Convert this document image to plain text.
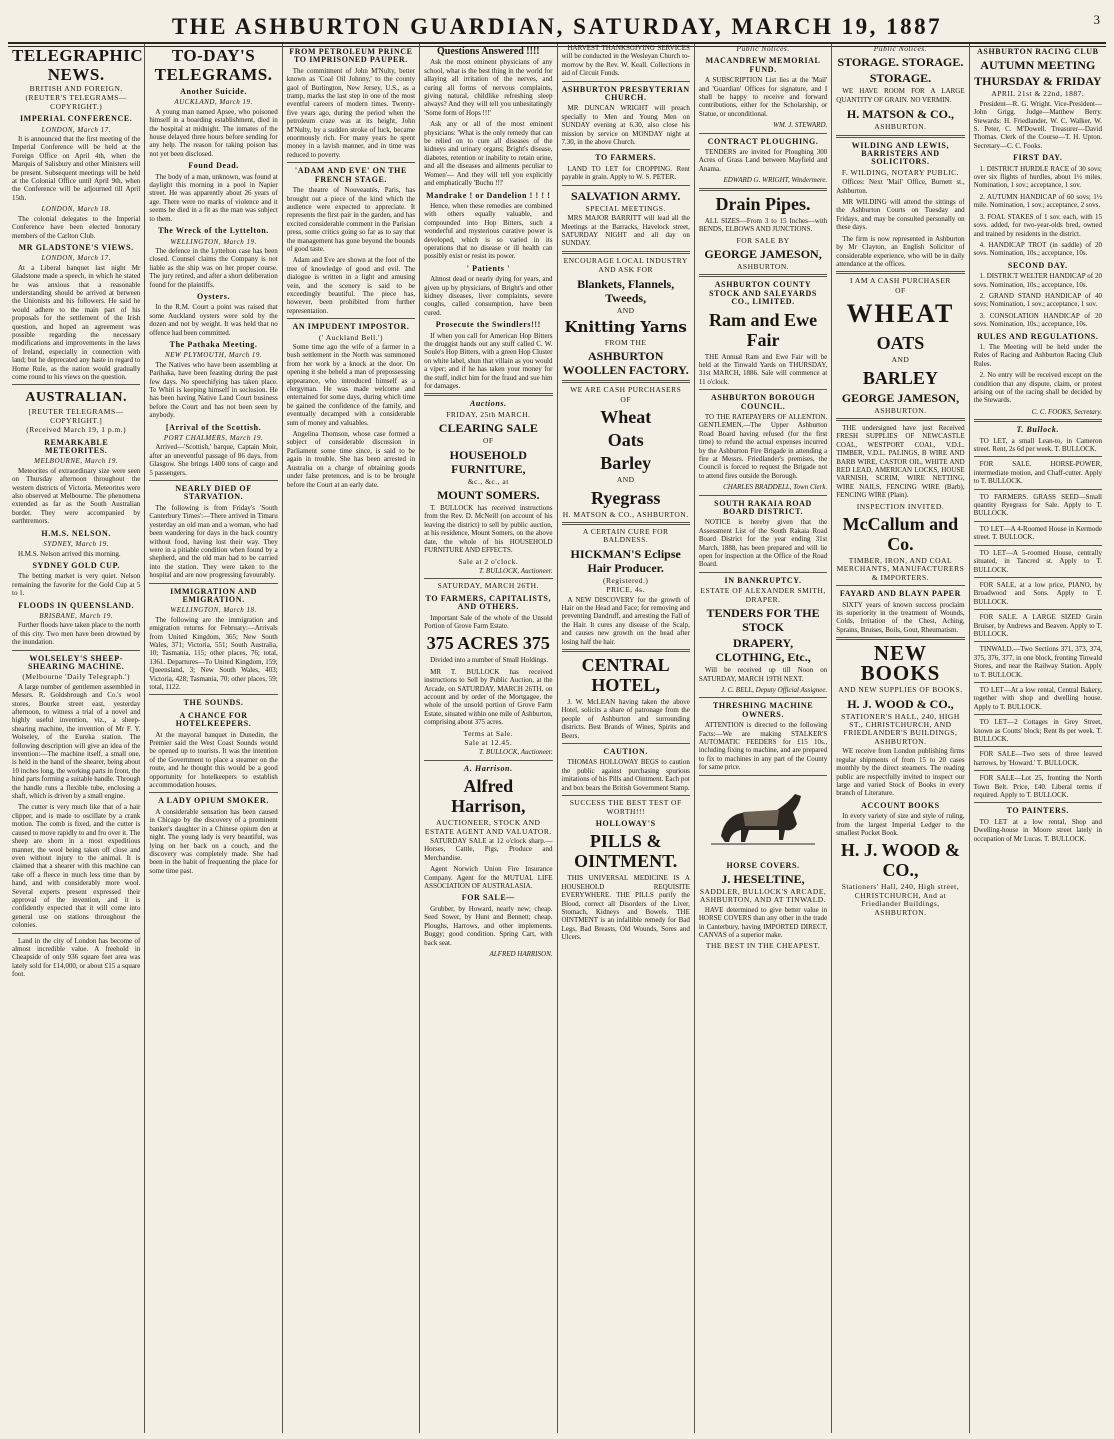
THE ASHBURTON GUARDIAN, SATURDAY, MARCH 19, 1887	3
TELEGRAPHIC NEWS.
BRITISH AND FOREIGN.
(REUTER'S TELEGRAMS—COPYRIGHT.)
IMPERIAL CONFERENCE.
LONDON, March 17.

It is announced that the first meeting of the Imperial Conference will be held at the Foreign Office on April 4th, when the Marquis of Salisbury and other Ministers will be present. Subsequent meetings will be held at the Colonial Office until April 9th, when the Conference will be adjourned till April 15th.

LONDON, March 18.

The colonial delegates to the Imperial Conference have been elected honorary members of the Carlton Club.

MR GLADSTONE'S VIEWS.
LONDON, March 17.

At a Liberal banquet last night Mr Gladstone made a speech, in which he stated he was anxious that a reasonable understanding should be arrived at between the Unionists and his followers. He said he would adhere to the main part of his proposals for the settlement of the Irish question, and hoped an agreement was possible regarding the necessary modifications and improvements in the laws of Ireland, especially in connection with land; but he deprecated any haste in regard to Home Rule, as the nation would gradually come round to his views on the question.

AUSTRALIAN.
[REUTER TELEGRAMS—COPYRIGHT.]
(Received March 19, 1 p.m.)
REMARKABLE METEORITES.
MELBOURNE, March 19.

Meteorites of extraordinary size were seen on Thursday afternoon throughout the western districts of Victoria. Meteorites were also observed at Melbourne. The phenomena extended as far as the South Australian border. They were accompanied by earthtremors.

H.M.S. NELSON.
SYDNEY, March 19.

H.M.S. Nelson arrived this morning.

SYDNEY GOLD CUP.

The betting market is very quiet. Nelson remaining the favorite for the Gold Cup at 5 to 1.

FLOODS IN QUEENSLAND.
BRISBANE, March 19.

Further floods have taken place to the north of this city. Two men have been drowned by the inundation.

WOLSELEY'S SHEEP-SHEARING MACHINE.
(Melbourne 'Daily Telegraph.')

A large number of gentlemen assembled in Messrs. R. Goldsbrough and Co.'s wool stores, Bourke street east, yesterday afternoon, to witness a trial of a novel and highly useful invention, viz., a sheep-shearing machine, the invention of Mr F. Y. Wolseley, of the Eureka station. The following description will give an idea of the invention:—The machine itself, a small one, is held in the hand of the shearer, being about 10 inches long, the working parts in front, the hind parts forming a suitable handle. Through the handle runs a flexible tube, enclosing a shaft, which is driven by a small engine.

The cutter is very much like that of a hair clipper, and is made to oscillate by a crank motion. The comb is fixed, and the cutter is caused to move rapidly to and fro over it. The sheep are shorn in a most expeditious manner, the wool being taken off close and even without injury to the animal. It is claimed that a shearer with this machine can take off a fleece in much less time than by hand, and with considerably more wool. Several experts present expressed their approval of the invention, and it is confidently expected that it will come into general use on stations throughout the colonies.

Land in the city of London has become of almost incredible value. A freehold in Cheapside of only 936 square feet area was lately sold for £14,000, or about £15 a square foot.

TO-DAY'S TELEGRAMS.
Another Suicide.
AUCKLAND, March 19.

A young man named Apsee, who poisoned himself in a boarding establishment, died in the hospital at midnight. The inmates of the house delayed three hours before sending for any help. The reason for taking poison has not yet been disclosed.

Found Dead.

The body of a man, unknown, was found at daylight this morning in a pool in Napier street. He was apparently about 26 years of age. There were no marks of violence and it seems he died in a fit as the man was subject to them.

The Wreck of the Lyttelton.
WELLINGTON, March 19.

The defence in the Lyttelton case has been closed. Counsel claims the Company is not liable as the ship was on her proper course. The jury retired, and after a short deliberation found for the plaintiffs.

Oysters.

In the R.M. Court a point was raised that some Auckland oysters were sold by the dozen and not by weight. It was held that no offence had been committed.

The Pathaka Meeting.
NEW PLYMOUTH, March 19.

The Natives who have been assembling at Parihaka, have been feasting during the past few days. No speechifying has taken place. Te Whiti is keeping himself in seclusion. He has been having Native Land Court business before the Court and has not been seen by anybody.

[Arrival of the Scottish.
PORT CHALMERS, March 19.

Arrived—'Scottish,' barque, Captain Moir, after an uneventful passage of 86 days, from Glasgow. She brings 1400 tons of cargo and 5 passengers.

NEARLY DIED OF STARVATION.

The following is from Friday's 'South Canterbury Times':—There arrived in Timaru yesterday an old man and a woman, who had been wandering for days in the back country without food, having lost their way. They were in a pitiable condition when found by a shepherd, and the old man had to be carried into the station. They were taken to the hospital and are now progressing favourably.

IMMIGRATION AND EMIGRATION.
WELLINGTON, March 18.

The following are the immigration and emigration returns for February:—Arrivals from United Kingdom, 365; New South Wales, 371; Victoria, 551; South Australia, 10; Tasmania, 115; other places, 76; total, 1361. Departures—To United Kingdom, 159; Queensland, 3; New South Wales, 403; Victoria, 428; Tasmania, 70; other places, 59; total, 1122.

THE SOUNDS.
A CHANCE FOR HOTELKEEPERS.

At the mayoral banquet in Dunedin, the Premier said the West Coast Sounds would be opened up to tourists. It was the intention of the Government to place a steamer on the route, and he thought this would be a good opportunity for hotelkeepers to establish accommodation houses.

A LADY OPIUM SMOKER.

A considerable sensation has been caused in Chicago by the discovery of a prominent banker's daughter in a Chinese opium den at night. The young lady is very beautiful, was lying on her back on a couch, and the discovery was completely made. She had been in the habit of frequenting the place for some time past.

FROM PETROLEUM PRINCE TO IMPRISONED PAUPER.

The commitment of John M'Nulty, better known as 'Coal Oil Johnny,' to the county gaol of Burlington, New Jersey, U.S., as a tramp, marks the last step in one of the most eventful careers of modern times. Twenty-five years ago, during the period when the petroleum craze was at its height, John M'Nulty, by a sudden stroke of luck, became enormously rich. For many years he spent money in a lavish manner, and in time was reduced to poverty.

'ADAM AND EVE' ON THE FRENCH STAGE.

The theatre of Nouveautés, Paris, has brought out a piece of the kind which the audience were expected to appreciate. It represents the first pair in the garden, and has excited considerable comment in the Parisian press, some critics going so far as to say that the management has gone beyond the bounds of good taste.

Adam and Eve are shown at the foot of the tree of knowledge of good and evil. The dialogue is written in a light and amusing vein, and the scenery is said to be exceedingly beautiful. The piece has, however, been prohibited from further representation.

AN IMPUDENT IMPOSTOR.
(' Auckland Bell.')

Some time ago the wife of a farmer in a bush settlement in the North was summoned from her work by a knock at the door. On opening it she beheld a man of prepossessing appearance, who introduced himself as a clergyman. He was made welcome and entertained for some days, during which time he gained the confidence of the family, and eventually decamped with a considerable sum of money and valuables.

Angelina Thomson, whose case formed a subject of considerable discussion in Parliament some time since, is said to be again in trouble. She has been arrested in Australia on a charge of obtaining goods under false pretences, and is to be brought before the Court at an early date.

Questions Answered !!!!

Ask the most eminent physicians of any school, what is the best thing in the world for allaying all irritation of the nerves, and curing all forms of nervous complaints, giving natural, childlike refreshing sleep always? And they will tell you unhesitatingly 'Some form of Hops !!!'

Ask any or all of the most eminent physicians: 'What is the only remedy that can be relied on to cure all diseases of the kidneys and urinary organs; Bright's disease, diabetes, retention or inability to retain urine, and all the diseases and ailments peculiar to Women'— And they will tell you explicitly and emphatically 'Buchu !!!'

Mandrake ! or Dandelion ! ! ! !

Hence, when these remedies are combined with others equally valuable, and compounded into Hop Bitters, such a wonderful and mysterious curative power is developed, which is so varied in its operations that no disease or ill health can possibly exist or resist its power.

' Patients '

Almost dead or nearly dying for years, and given up by physicians, of Bright's and other kidney diseases, liver complaints, severe coughs, called consumption, have been cured.

Prosecute the Swindlers!!!

If when you call for American Hop Bitters the druggist hands out any stuff called C. W. Soule's Hop Bitters, with a green Hop Cluster on white label, shun that villain as you would a viper; and if he has taken your money for the stuff, indict him for the fraud and sue him for damages.

Auctions.
FRIDAY, 25th MARCH.
CLEARING SALE
OF
HOUSEHOLD FURNITURE,
&c., &c., at
MOUNT SOMERS.

T. BULLOCK has received instructions from the Rev. D. McNeill (on account of his leaving the district) to sell by public auction, at his residence, Mount Somers, on the above date, the whole of his HOUSEHOLD FURNITURE AND EFFECTS.

Sale at 2 o'clock.
T. BULLOCK, Auctioneer.
SATURDAY, MARCH 26TH.
TO FARMERS, CAPITALISTS, AND OTHERS.

Important Sale of the whole of the Unsold Portion of Grove Farm Estate.

375 ACRES 375

Divided into a number of Small Holdings.

MR T. BULLOCK has received instructions to Sell by Public Auction, at the Arcade, on SATURDAY, MARCH 26TH, on account and by order of the Mortgagee, the whole of the unsold portion of Grove Farm Estate, situated within one mile of Ashburton, comprising about 375 acres.

Terms at Sale.
Sale at 12.45.
T. BULLOCK, Auctioneer.
A. Harrison.
Alfred Harrison,
AUCTIONEER, STOCK AND ESTATE AGENT AND VALUATOR.

SATURDAY SALE at 12 o'clock sharp.—Horses, Cattle, Pigs, Produce and Merchandise.

Agent Norwich Union Fire Insurance Company. Agent for the MUTUAL LIFE ASSOCIATION OF AUSTRALASIA.

FOR SALE—

Grubber, by Howard, nearly new; cheap. Seed Sower, by Hunt and Bennett; cheap. Ploughs, Harrows, and other implements. Buggy; good condition. Spring Cart, with back seat.

ALFRED HARRISON.

HARVEST THANKSGIVING SERVICES will be conducted in the Wesleyan Church to-morrow by the Rev. W. Keall. Collections in aid of Circuit Funds.

ASHBURTON PRESBYTERIAN CHURCH.

MR DUNCAN WRIGHT will preach specially to Men and Young Men on SUNDAY evening at 6.30, also close his mission by service on MONDAY night at 7.30, in the above Church.

TO FARMERS.

LAND TO LET for CROPPING. Rent payable in grain. Apply to W. S. PETER.

SALVATION ARMY.
SPECIAL MEETINGS.

MRS MAJOR BARRITT will lead all the Meetings at the Barracks, Havelock street, SATURDAY NIGHT and all day on SUNDAY.

ENCOURAGE LOCAL INDUSTRY
AND ASK FOR
Blankets, Flannels, Tweeds,
AND
Knitting Yarns
FROM THE
ASHBURTON WOOLLEN FACTORY.
WE ARE CASH PURCHASERS
OF
Wheat
Oats
Barley
AND
Ryegrass
H. MATSON & CO., ASHBURTON.
A CERTAIN CURE FOR BALDNESS.
HICKMAN'S Eclipse Hair Producer.
(Registered.)
PRICE, 4s.

A NEW DISCOVERY for the growth of Hair on the Head and Face; for removing and preventing Dandruff, and arresting the Fall of the Hair. It cures any disease of the Scalp, and causes new growth on the head after losing half the hair.

CENTRAL HOTEL,

J. W. McLEAN having taken the above Hotel, solicits a share of patronage from the people of Ashburton and surrounding districts. Best Brands of Wines, Spirits and Beers.

CAUTION.

THOMAS HOLLOWAY BEGS to caution the public against purchasing spurious imitations of his Pills and Ointment. Each pot and box bears the British Government Stamp.

SUCCESS THE BEST TEST OF WORTH!!!
HOLLOWAY'S
PILLS & OINTMENT.

THIS UNIVERSAL MEDICINE IS A HOUSEHOLD REQUISITE EVERYWHERE. THE PILLS purify the Blood, correct all Disorders of the Liver, Stomach, Kidneys and Bowels. THE OINTMENT is an infallible remedy for Bad Legs, Bad Breasts, Old Wounds, Sores and Ulcers.

Public Notices.
MACANDREW MEMORIAL FUND.

A SUBSCRIPTION List lies at the 'Mail' and 'Guardian' Offices for signature, and I shall be happy to receive and forward contributions, either for the Scholarship, or Statue, or unconditional.

WM. J. STEWARD.
CONTRACT PLOUGHING.

TENDERS are invited for Ploughing 300 Acres of Grass Land between Mayfield and Anama.

EDWARD G. WRIGHT, Windermere.
Drain Pipes.

ALL SIZES—From 3 to 15 Inches—with BENDS, ELBOWS AND JUNCTIONS.

FOR SALE BY
GEORGE JAMESON,
ASHBURTON.
ASHBURTON COUNTY STOCK AND SALEYARDS CO., LIMITED.
Ram and Ewe Fair

THE Annual Ram and Ewe Fair will be held at the Tinwald Yards on THURSDAY, 31st MARCH, 1886. Sale will commence at 11 o'clock.

ASHBURTON BOROUGH COUNCIL.

TO THE RATEPAYERS OF ALLENTON. GENTLEMEN,—The Upper Ashburton Road Board having refused (for the first time) to refund the actual expenses incurred by the Ashburton Fire Brigade in attending a fire at Messrs. Friedlander's premises, the Council is forced to request the Brigade not to attend fires outside the Borough.

CHARLES BRADDELL, Town Clerk.
SOUTH RAKAIA ROAD BOARD DISTRICT.

NOTICE is hereby given that the Assessment List of the South Rakaia Road Board District for the year ending 31st March, 1888, has been prepared and will lie open for inspection at the Office of the Road Board.

IN BANKRUPTCY.
ESTATE OF ALEXANDER SMITH, DRAPER.
TENDERS FOR THE STOCK
DRAPERY, CLOTHING, Etc.,

Will be received up till Noon on SATURDAY, MARCH 19TH NEXT.

J. C. BELL, Deputy Official Assignee.
THRESHING MACHINE OWNERS.

ATTENTION is directed to the following Facts:—We are making STALKER'S AUTOMATIC FEEDERS for £15 10s., including fixing to machine, and are prepared to fix to machines in any part of the County for same price.

HORSE COVERS.
J. HESELTINE,
SADDLER, BULLOCK'S ARCADE, ASHBURTON, AND AT TINWALD.

HAVE determined to give better value in HORSE COVERS than any other in the trade in Canterbury, having IMPORTED DIRECT, CANVAS of a superior make.

THE BEST IN THE CHEAPEST.
Public Notices.
STORAGE. STORAGE.
STORAGE.

WE HAVE ROOM FOR A LARGE QUANTITY OF GRAIN. NO VERMIN.

H. MATSON & CO.,
ASHBURTON.
WILDING AND LEWIS, BARRISTERS AND SOLICITORS.
F. WILDING, NOTARY PUBLIC.

Offices: Next 'Mail' Office, Burnett st., Ashburton.

MR WILDING will attend the sittings of the Ashburton Courts on Tuesday and Fridays, and may be consulted personally on these days.

The firm is now represented in Ashburton by Mr Clayton, an English Solicitor of considerable experience, who will be in daily attendance at the offices.

I AM A CASH PURCHASER
OF
WHEAT
OATS
AND
BARLEY
GEORGE JAMESON,
ASHBURTON.

THE undersigned have just Received FRESH SUPPLIES OF NEWCASTLE COAL, WESTPORT COAL, V.D.L. TIMBER, V.D.L. PALINGS, B WIRE AND BARB WIRE, CASTOR OIL, WHITE AND RED LEAD, AMERICAN LOCKS, HOUSE VARNISH, SCRIM, WIRE NETTING, WIRE NAILS, FENCING WIRE (Barb), FENCING WIRE (Plain).

INSPECTION INVITED.
McCallum and Co.
TIMBER, IRON, AND COAL MERCHANTS, MANUFACTURERS & IMPORTERS.
FAYARD AND BLAYN PAPER

SIXTY years of known success proclaim its superiority in the treatment of Wounds, Colds, Irritation of the Chest, Aching, Sprains, Bruises, Boils, Gout, Rheumatism.

NEW BOOKS
AND NEW SUPPLIES OF BOOKS.
H. J. WOOD & CO.,
STATIONER'S HALL, 240, HIGH ST., CHRISTCHURCH, AND FRIEDLANDER'S BUILDINGS, ASHBURTON.

WE receive from London publishing firms regular shipments of from 15 to 20 cases monthly by the direct steamers. The reading public are respectfully invited to inspect our large and varied Stock of Books in every branch of Literature.

ACCOUNT BOOKS

In every variety of size and style of ruling, from the largest Imperial Ledger to the smallest Pocket Book.

H. J. WOOD & CO.,
Stationers' Hall, 240, High street, CHRISTCHURCH, And at Friedlander Buildings, ASHBURTON.
ASHBURTON RACING CLUB
AUTUMN MEETING
THURSDAY & FRIDAY
APRIL 21st & 22nd, 1887.

President—R. G. Wright. Vice-President—John Grigg. Judge—Matthew Berry. Stewards: H. Friedlander, W. C. Walker, W. S. Peter, C. M'Dowell. Treasurer—David Thomas. Clerk of the Course—T. H. Upton. Secretary—C. C. Fooks.

FIRST DAY.

1. DISTRICT HURDLE RACE of 30 sovs; over six flights of hurdles, about 1½ miles. Nomination, 1 sov.; acceptance, 1 sov.

2. AUTUMN HANDICAP of 60 sovs; 1½ mile. Nomination, 1 sov.; acceptance, 2 sovs.

3. FOAL STAKES of 1 sov. each, with 15 sovs. added, for two-year-olds bred, owned and trained by residents in the district.

4. HANDICAP TROT (in saddle) of 20 sovs. Nomination, 10s.; acceptance, 10s.

SECOND DAY.

1. DISTRICT WELTER HANDICAP of 20 sovs. Nomination, 10s.; acceptance, 10s.

2. GRAND STAND HANDICAP of 40 sovs; Nomination, 1 sov.; acceptance, 1 sov.

3. CONSOLATION HANDICAP of 20 sovs. Nomination, 10s.; acceptance, 10s.

RULES AND REGULATIONS.

1. The Meeting will be held under the Rules of Racing and Ashburton Racing Club Rules.

2. No entry will be received except on the condition that any dispute, claim, or protest arising out of the racing shall be decided by the Stewards.

C. C. FOOKS, Secretary.
T. Bullock.

TO LET, a small Lean-to, in Cameron street. Rent, 2s 6d per week. T. BULLOCK.

FOR SALE. HORSE-POWER, intermediate motion, and Chaff-cutter. Apply to T. BULLOCK.

TO FARMERS. GRASS SEED—Small quantity Ryegrass for Sale. Apply to T. BULLOCK.

TO LET—A 4-Roomed House in Kermode street. T. BULLOCK.

TO LET—A 5-roomed House, centrally situated, in Tancred st. Apply to T. BULLOCK.

FOR SALE, at a low price, PIANO, by Broadwood and Sons. Apply to T. BULLOCK.

FOR SALE. A LARGE SIZED Grain Bruiser, by Andrews and Beaven. Apply to T. BULLOCK.

TINWALD.—Two Sections 371, 373, 374, 375, 376, 377, in one block, fronting Tinwald Stores, and near the Railway Station. Apply to T. BULLOCK.

TO LET—At a low rental, Central Bakery, together with shop and dwelling house. Apply to T. BULLOCK.

TO LET—2 Cottages in Grey Street, known as Coutts' block; Rent 8s per week. T. BULLOCK.

FOR SALE—Two sets of three leaved harrows, by 'Howard.' T. BULLOCK.

FOR SALE—Lot 25, fronting the North Town Belt. Price, £40. Liberal terms if required. Apply to T. BULLOCK.

TO PAINTERS.

TO LET at a low rental, Shop and Dwelling-house in Moore street lately in occupation of Mr Lucas. T. BULLOCK.
